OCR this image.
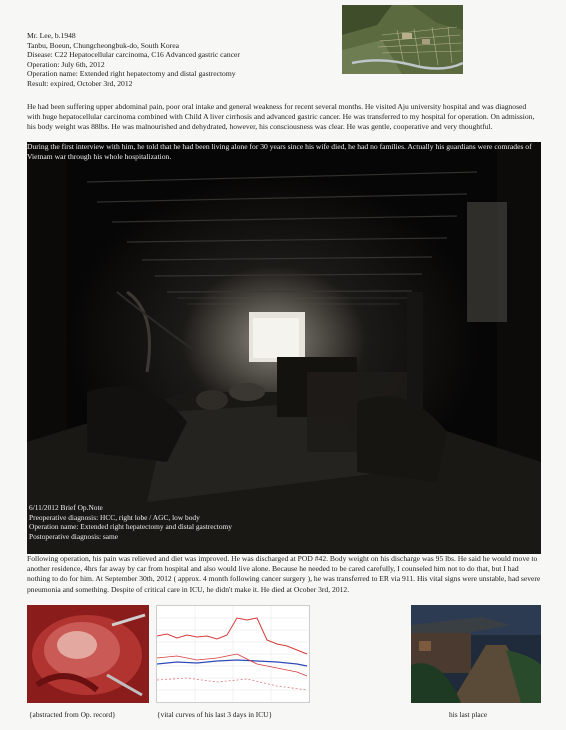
Mr. Lee, b.1948
Tanbu, Boeun, Chungcheongbuk-do, South Korea
Disease: C22 Hepatocellular carcinoma, C16 Advanced gastric cancer
Operation: July 6th, 2012
Operation name: Extended right hepatectomy and distal gastrectomy
Result: expired, October 3rd, 2012
He had been suffering upper abdominal pain, poor oral intake and general weakness for recent several months. He visited Aju university hospital and was diagnosed with huge hepatocellular carcinoma combined with Child A liver cirrhosis and advanced gastric cancer. He was transferred to my hospital for operation. On admission, his body weight was 88lbs. He was malnourished and dehydrated, however, his consciousness was clear. He was gentle, cooperative and very thoughtful.
During the first interview with him, he told that he had been living alone for 30 years since his wife died, he had no families. Actually his guardians were comrades of Vietnam war through his whole hospitalization.
6/11/2012 Brief Op.Note
Preoperative diagnosis: HCC, right lobe / AGC, low body
Operation name: Extended right hepatectomy and distal gastrectomy
Postoperative diagnosis: same
Following operation, his pain was relieved and diet was improved. He was discharged at POD #42. Body weight on his discharge was 95 lbs. He said he would move to another residence, 4hrs far away by car from hospital and also would live alone. Because he needed to be cared carefully, I counseled him not to do that, but I had nothing to do for him. At September 30th, 2012 ( approx. 4 month following cancer surgery ), he was transferred to ER via 911. His vital signs were unstable, had severe pneumonia and something. Despite of critical care in ICU, he didn't make it. He died at Ocober 3rd, 2012.
{abstracted from Op. record}	{vital curves of his last 3 days in ICU}	his last place
